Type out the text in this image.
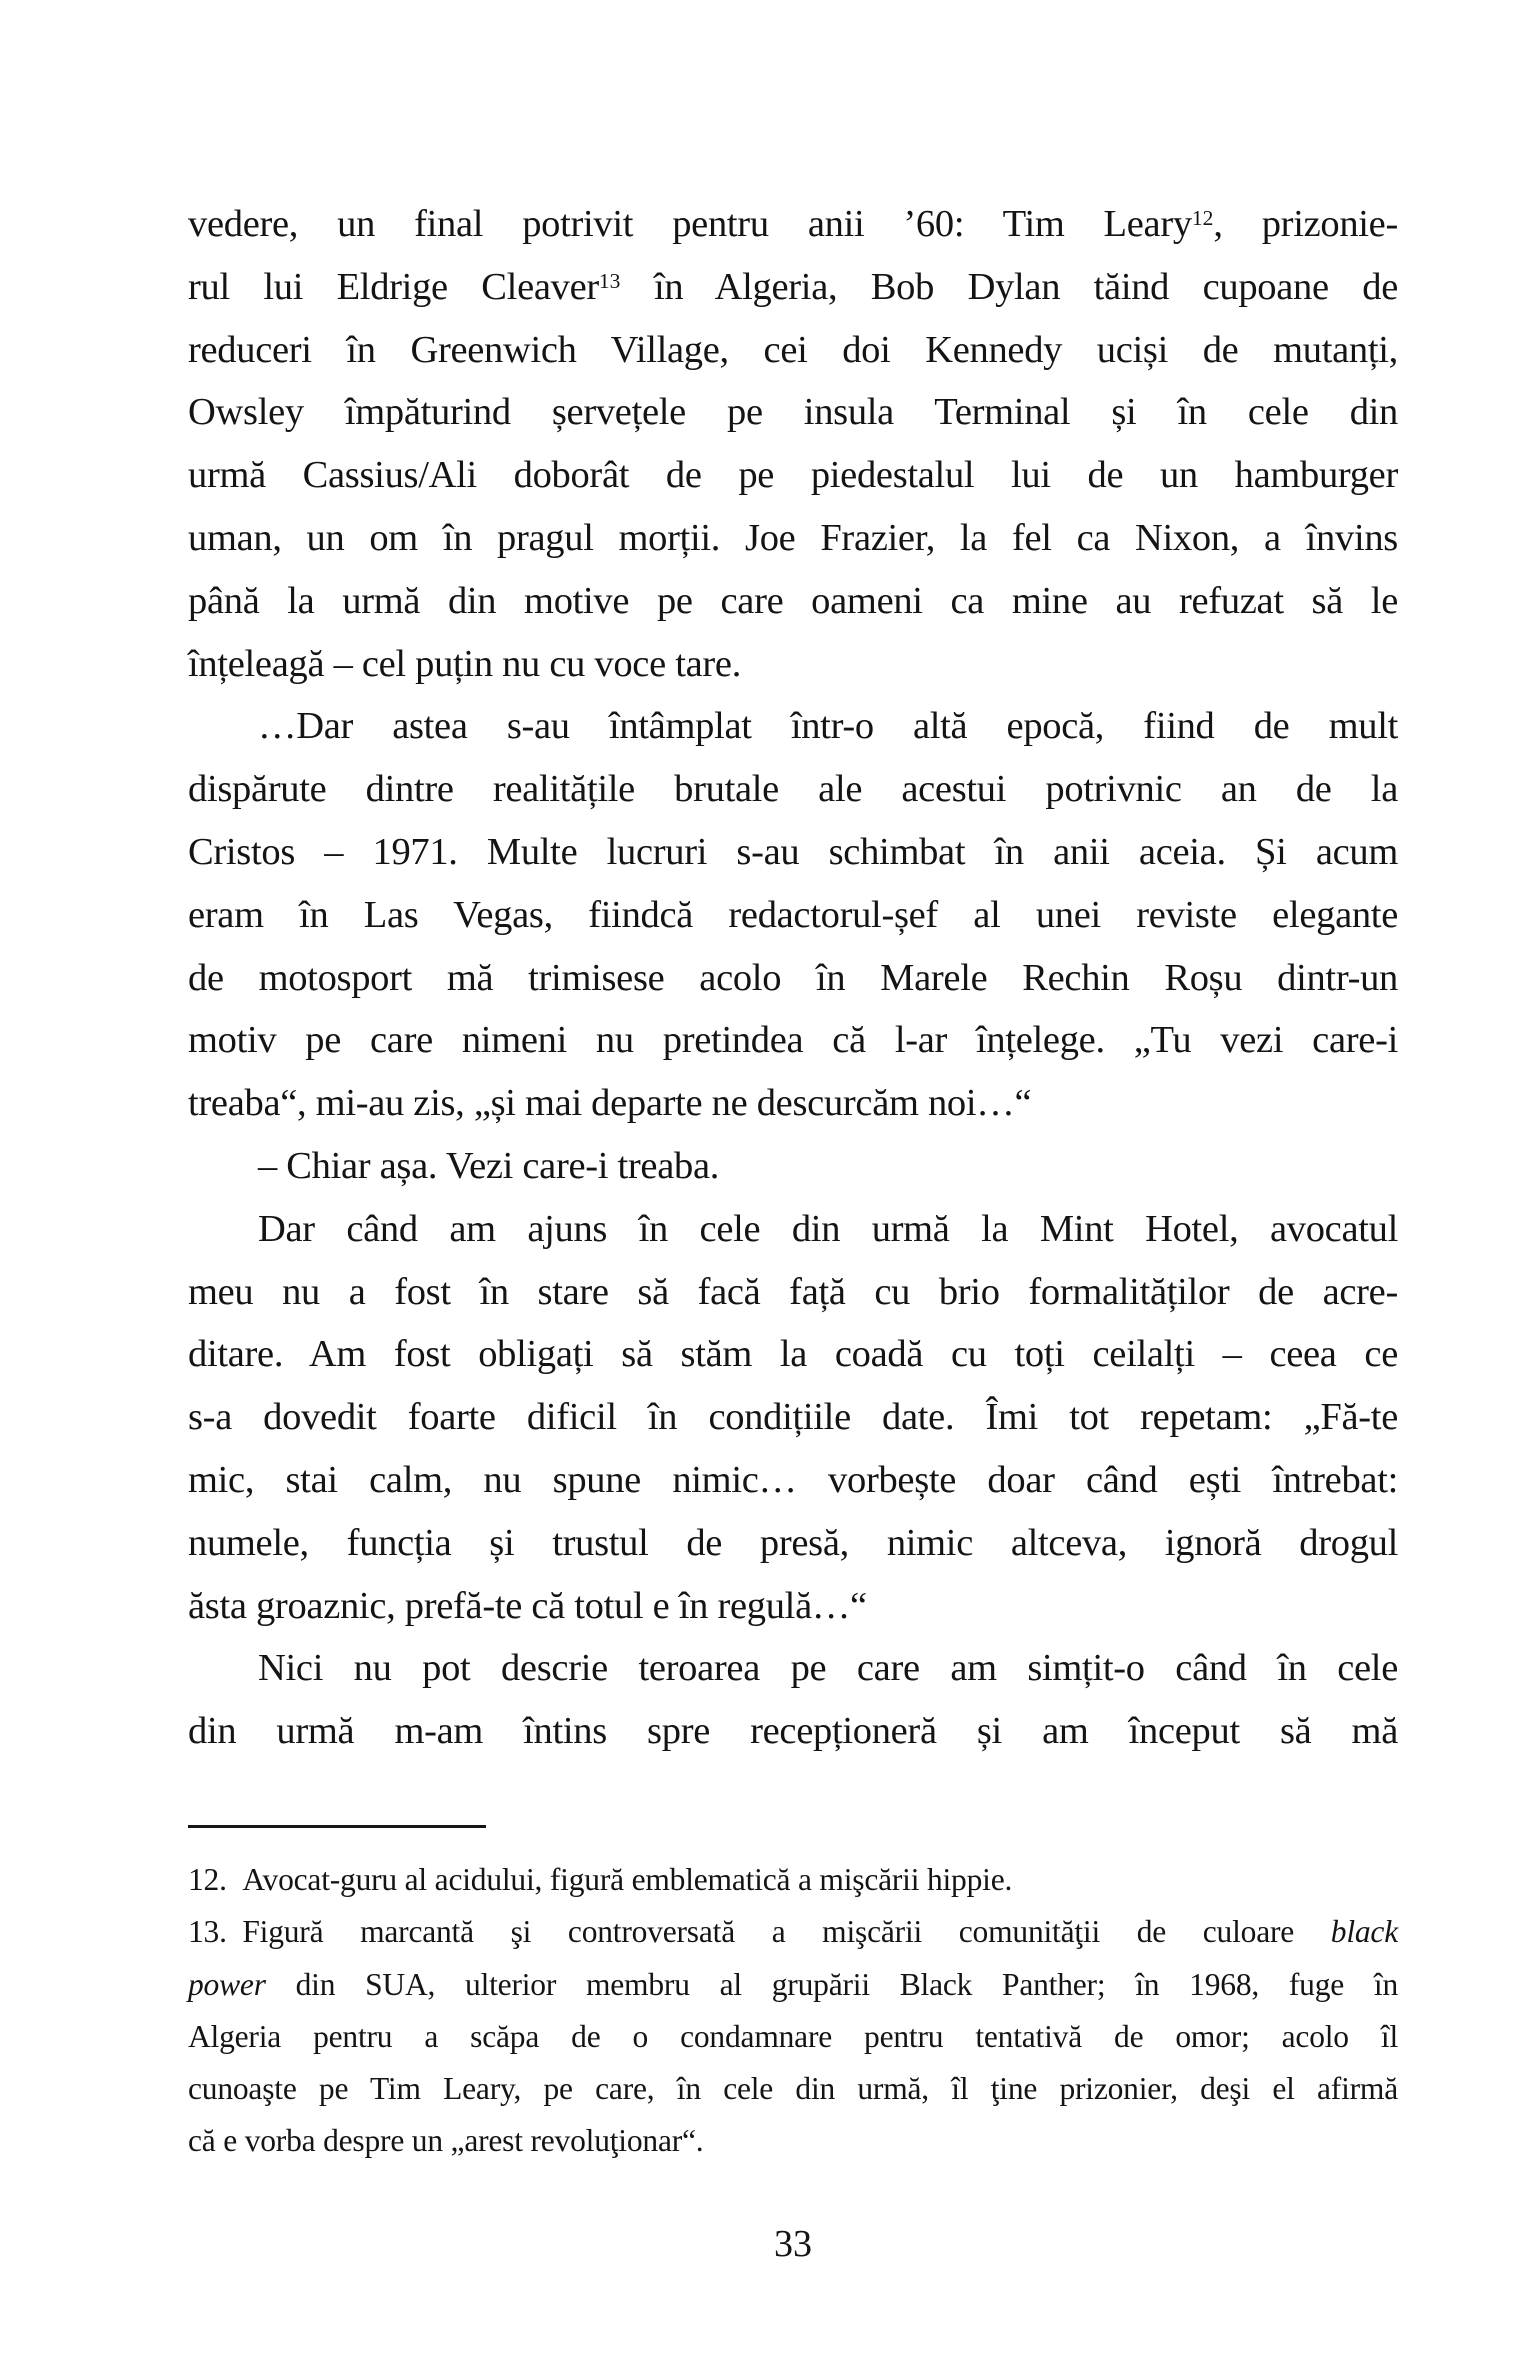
vedere, un final potrivit pentru anii ’60: Tim Leary$^{12}$, prizonie-
rul lui Eldrige Cleaver$^{13}$ în Algeria, Bob Dylan tăind cupoane de
reduceri în Greenwich Village, cei doi Kennedy uciși de mutanți,
Owsley împăturind șervețele pe insula Terminal și în cele din
urmă Cassius/Ali doborât de pe piedestalul lui de un hamburger
uman, un om în pragul morții. Joe Frazier, la fel ca Nixon, a învins
până la urmă din motive pe care oameni ca mine au refuzat să le
înțeleagă – cel puțin nu cu voce tare.
…Dar astea s-au întâmplat într-o altă epocă, fiind de mult
dispărute dintre realitățile brutale ale acestui potrivnic an de la
Cristos – 1971. Multe lucruri s-au schimbat în anii aceia. Și acum
eram în Las Vegas, fiindcă redactorul-șef al unei reviste elegante
de motosport mă trimisese acolo în Marele Rechin Roșu dintr-un
motiv pe care nimeni nu pretindea că l-ar înțelege. „Tu vezi care-i
treaba“, mi-au zis, „și mai departe ne descurcăm noi…“
– Chiar așa. Vezi care-i treaba.
Dar când am ajuns în cele din urmă la Mint Hotel, avocatul
meu nu a fost în stare să facă față cu brio formalităților de acre-
ditare. Am fost obligați să stăm la coadă cu toți ceilalți – ceea ce
s-a dovedit foarte dificil în condițiile date. Îmi tot repetam: „Fă-te
mic, stai calm, nu spune nimic… vorbește doar când ești întrebat:
numele, funcția și trustul de presă, nimic altceva, ignoră drogul
ăsta groaznic, prefă-te că totul e în regulă…“
Nici nu pot descrie teroarea pe care am simțit-o când în cele
din urmă m-am întins spre recepționeră și am început să mă
12. Avocat-guru al acidului, figură emblematică a mişcării hippie.
13. Figură marcantă şi controversată a mişcării comunităţii de culoare black
power din SUA, ulterior membru al grupării Black Panther; în 1968, fuge în
Algeria pentru a scăpa de o condamnare pentru tentativă de omor; acolo îl
cunoaşte pe Tim Leary, pe care, în cele din urmă, îl ţine prizonier, deşi el afirmă
că e vorba despre un „arest revoluţionar“.
33
